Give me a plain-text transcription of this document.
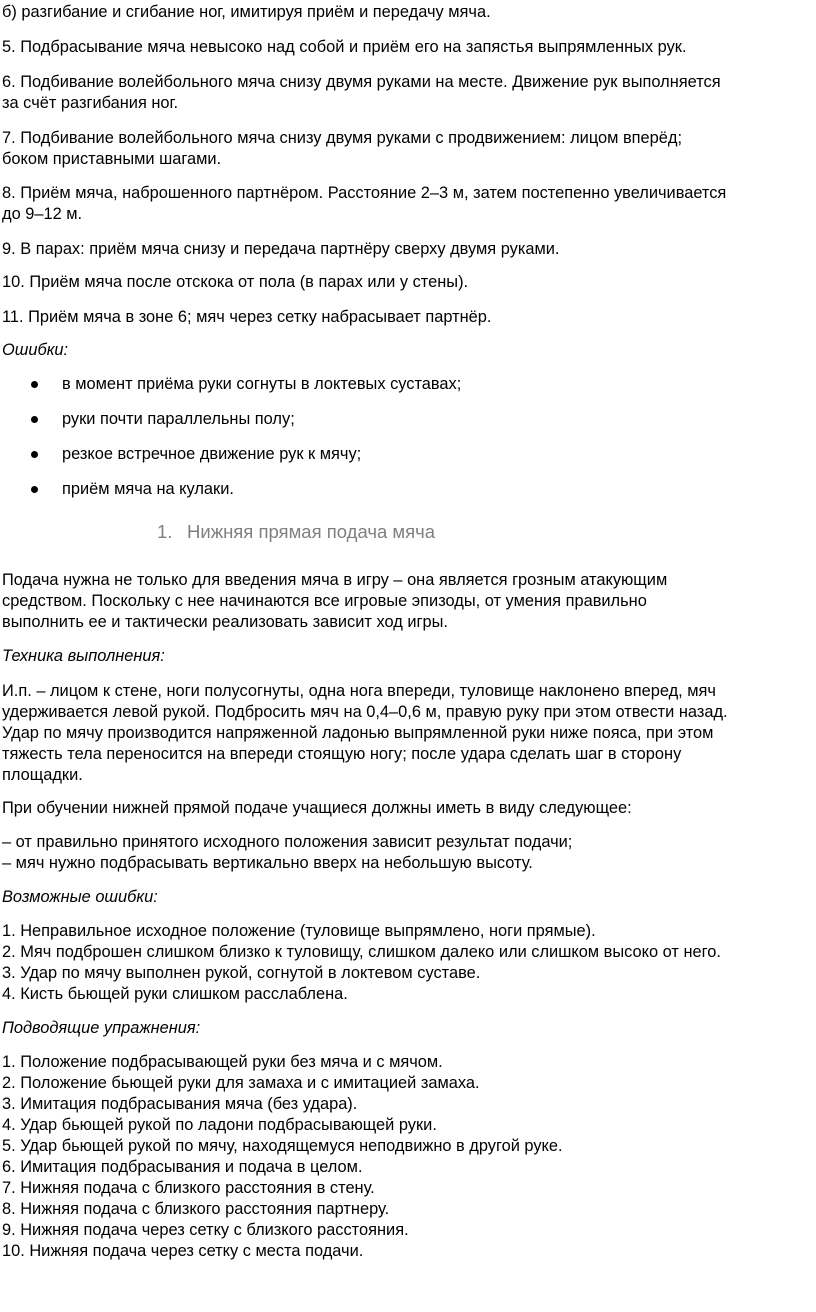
б) разгибание и сгибание ног, имитируя приём и передачу мяча.
5. Подбрасывание мяча невысоко над собой и приём его на запястья выпрямленных рук.
6. Подбивание волейбольного мяча снизу двумя руками на месте. Движение рук выполняется
за счёт разгибания ног.
7. Подбивание волейбольного мяча снизу двумя руками с продвижением: лицом вперёд;
боком приставными шагами.
8. Приём мяча, наброшенного партнёром. Расстояние 2–3 м, затем постепенно увеличивается
до 9–12 м.
9. В парах: приём мяча снизу и передача партнёру сверху двумя руками.
10. Приём мяча после отскока от пола (в парах или у стены).
11. Приём мяча в зоне 6; мяч через сетку набрасывает партнёр.
Ошибки:
в момент приёма руки согнуты в локтевых суставах;
руки почти параллельны полу;
резкое встречное движение рук к мячу;
приём мяча на кулаки.
1. Нижняя прямая подача мяча
Подача нужна не только для введения мяча в игру – она является грозным атакующим
средством. Поскольку с нее начинаются все игровые эпизоды, от умения правильно
выполнить ее и тактически реализовать зависит ход игры.
Техника выполнения:
И.п. – лицом к стене, ноги полусогнуты, одна нога впереди, туловище наклонено вперед, мяч
удерживается левой рукой. Подбросить мяч на 0,4–0,6 м, правую руку при этом отвести назад.
Удар по мячу производится напряженной ладонью выпрямленной руки ниже пояса, при этом
тяжесть тела переносится на впереди стоящую ногу; после удара сделать шаг в сторону
площадки.
При обучении нижней прямой подаче учащиеся должны иметь в виду следующее:
– от правильно принятого исходного положения зависит результат подачи;
– мяч нужно подбрасывать вертикально вверх на небольшую высоту.
Возможные ошибки:
1. Неправильное исходное положение (туловище выпрямлено, ноги прямые).
2. Мяч подброшен слишком близко к туловищу, слишком далеко или слишком высоко от него.
3. Удар по мячу выполнен рукой, согнутой в локтевом суставе.
4. Кисть бьющей руки слишком расслаблена.
Подводящие упражнения:
1. Положение подбрасывающей руки без мяча и с мячом.
2. Положение бьющей руки для замаха и с имитацией замаха.
3. Имитация подбрасывания мяча (без удара).
4. Удар бьющей рукой по ладони подбрасывающей руки.
5. Удар бьющей рукой по мячу, находящемуся неподвижно в другой руке.
6. Имитация подбрасывания и подача в целом.
7. Нижняя подача с близкого расстояния в стену.
8. Нижняя подача с близкого расстояния партнеру.
9. Нижняя подача через сетку с близкого расстояния.
10. Нижняя подача через сетку с места подачи.
